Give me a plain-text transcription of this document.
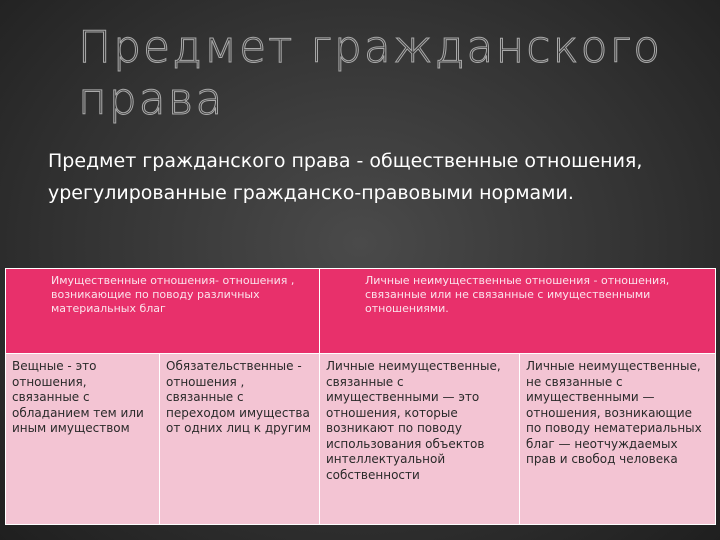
Предмет гражданского права
Предмет гражданского права - общественные отношения, урегулированные гражданско-правовыми нормами.
Имущественные отношения- отношения , возникающие по поводу различных материальных благ		Личные неимущественные отношения - отношения, связанные или не связанные с имущественными отношениями.	
Вещные - это отношения, связанные с обладанием тем или иным имуществом	Обязательственные - отношения , связанные с переходом имущества от одних лиц к другим	Личные неимущественные, связанные с имущественными — это отношения, которые возникают по поводу использования объектов интеллектуальной собственности	Личные неимущественные, не связанные с имущественными — отношения, возникающие по поводу нематериальных благ — неотчуждаемых прав и свобод человека
